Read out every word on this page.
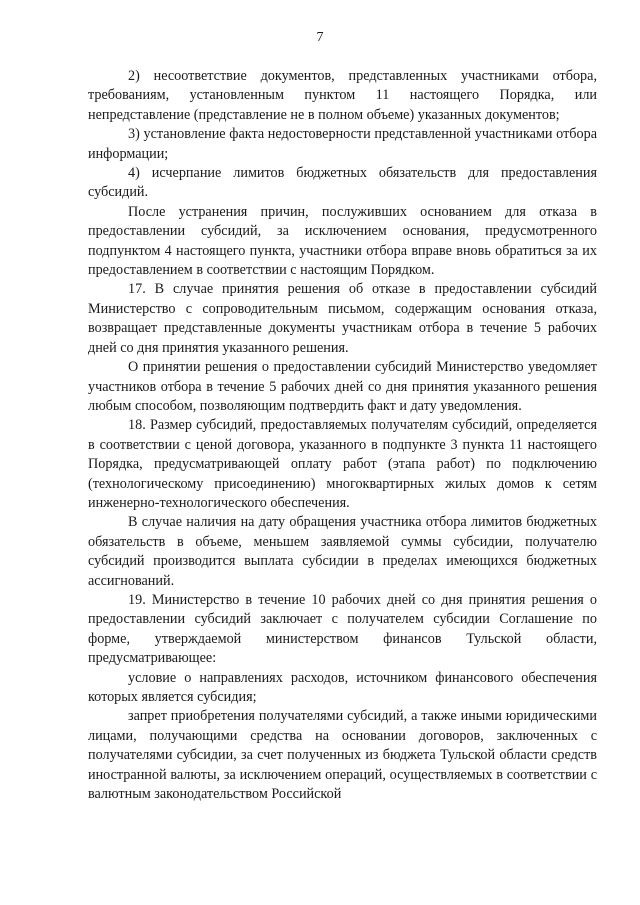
7

2) несоответствие документов, представленных участниками отбора, требованиям, установленным пунктом 11 настоящего Порядка, или непредставление (представление не в полном объеме) указанных документов;

3) установление факта недостоверности представленной участниками отбора информации;

4) исчерпание лимитов бюджетных обязательств для предоставления субсидий.

После устранения причин, послуживших основанием для отказа в предоставлении субсидий, за исключением основания, предусмотренного подпунктом 4 настоящего пункта, участники отбора вправе вновь обратиться за их предоставлением в соответствии с настоящим Порядком.

17. В случае принятия решения об отказе в предоставлении субсидий Министерство с сопроводительным письмом, содержащим основания отказа, возвращает представленные документы участникам отбора в течение 5 рабочих дней со дня принятия указанного решения.

О принятии решения о предоставлении субсидий Министерство уведомляет участников отбора в течение 5 рабочих дней со дня принятия указанного решения любым способом, позволяющим подтвердить факт и дату уведомления.

18. Размер субсидий, предоставляемых получателям субсидий, определяется в соответствии с ценой договора, указанного в подпункте 3 пункта 11 настоящего Порядка, предусматривающей оплату работ (этапа работ) по подключению (технологическому присоединению) многоквартирных жилых домов к сетям инженерно-технологического обеспечения.

В случае наличия на дату обращения участника отбора лимитов бюджетных обязательств в объеме, меньшем заявляемой суммы субсидии, получателю субсидий производится выплата субсидии в пределах имеющихся бюджетных ассигнований.

19. Министерство в течение 10 рабочих дней со дня принятия решения о предоставлении субсидий заключает с получателем субсидии Соглашение по форме, утверждаемой министерством финансов Тульской области, предусматривающее:

условие о направлениях расходов, источником финансового обеспечения которых является субсидия;

запрет приобретения получателями субсидий, а также иными юридическими лицами, получающими средства на основании договоров, заключенных с получателями субсидии, за счет полученных из бюджета Тульской области средств иностранной валюты, за исключением операций, осуществляемых в соответствии с валютным законодательством Российской
